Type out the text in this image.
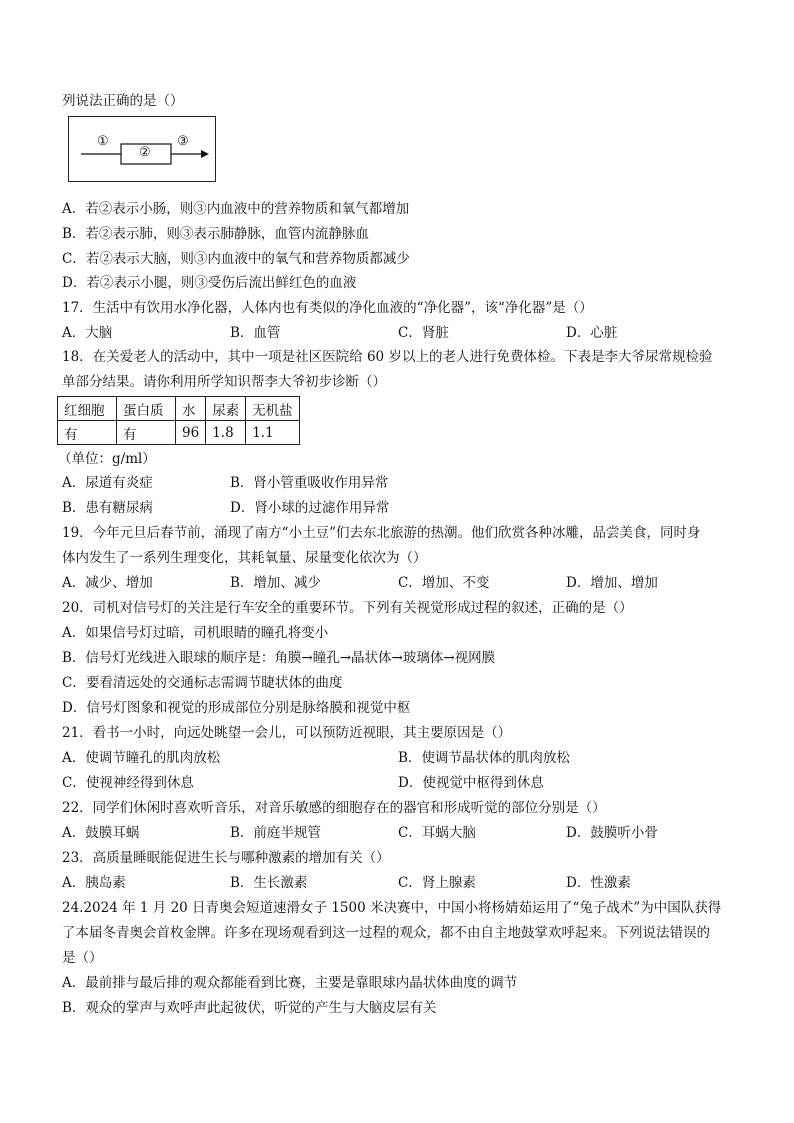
列说法正确的是（）
①
②
③
A．若②表示小肠，则③内血液中的营养物质和氧气都增加
B．若②表示肺，则③表示肺静脉，血管内流静脉血
C．若②表示大脑，则③内血液中的氧气和营养物质都减少
D．若②表示小腿，则③受伤后流出鲜红色的血液
17．生活中有饮用水净化器，人体内也有类似的净化血液的“净化器”，该“净化器”是（）
A．大脑	B．血管	C．肾脏	D．心脏
18．在关爱老人的活动中，其中一项是社区医院给 60 岁以上的老人进行免费体检。下表是李大爷尿常规检验
单部分结果。请你利用所学知识帮李大爷初步诊断（）
红细胞	蛋白质	水	尿素	无机盐
有	有	96	1.8	1.1
（单位：g/ml）
A．尿道有炎症	B．肾小管重吸收作用异常
B．患有糖尿病	D．肾小球的过滤作用异常
19．今年元旦后春节前，涌现了南方“小土豆”们去东北旅游的热潮。他们欣赏各种冰雕，品尝美食，同时身
体内发生了一系列生理变化，其耗氧量、尿量变化依次为（）
A．减少、增加	B．增加、减少	C．增加、不变	D．增加、增加
20．司机对信号灯的关注是行车安全的重要环节。下列有关视觉形成过程的叙述，正确的是（）
A．如果信号灯过暗，司机眼睛的瞳孔将变小
B．信号灯光线进入眼球的顺序是：角膜→瞳孔→晶状体→玻璃体→视网膜
C．要看清远处的交通标志需调节睫状体的曲度
D．信号灯图象和视觉的形成部位分别是脉络膜和视觉中枢
21．看书一小时，向远处眺望一会儿，可以预防近视眼，其主要原因是（）
A．使调节瞳孔的肌肉放松	B．使调节晶状体的肌肉放松
C．使视神经得到休息	D．使视觉中枢得到休息
22．同学们休闲时喜欢听音乐，对音乐敏感的细胞存在的器官和形成听觉的部位分别是（）
A．鼓膜耳蜗	B．前庭半规管	C．耳蜗大脑	D．鼓膜听小骨
23．高质量睡眠能促进生长与哪种激素的增加有关（）
A．胰岛素	B．生长激素	C．肾上腺素	D．性激素
24.2024 年 1 月 20 日青奥会短道速滑女子 1500 米决赛中，中国小将杨婧茹运用了“兔子战术”为中国队获得
了本届冬青奥会首枚金牌。许多在现场观看到这一过程的观众，都不由自主地鼓掌欢呼起来。下列说法错误的
是（）
A．最前排与最后排的观众都能看到比赛，主要是靠眼球内晶状体曲度的调节
B．观众的掌声与欢呼声此起彼伏，听觉的产生与大脑皮层有关
